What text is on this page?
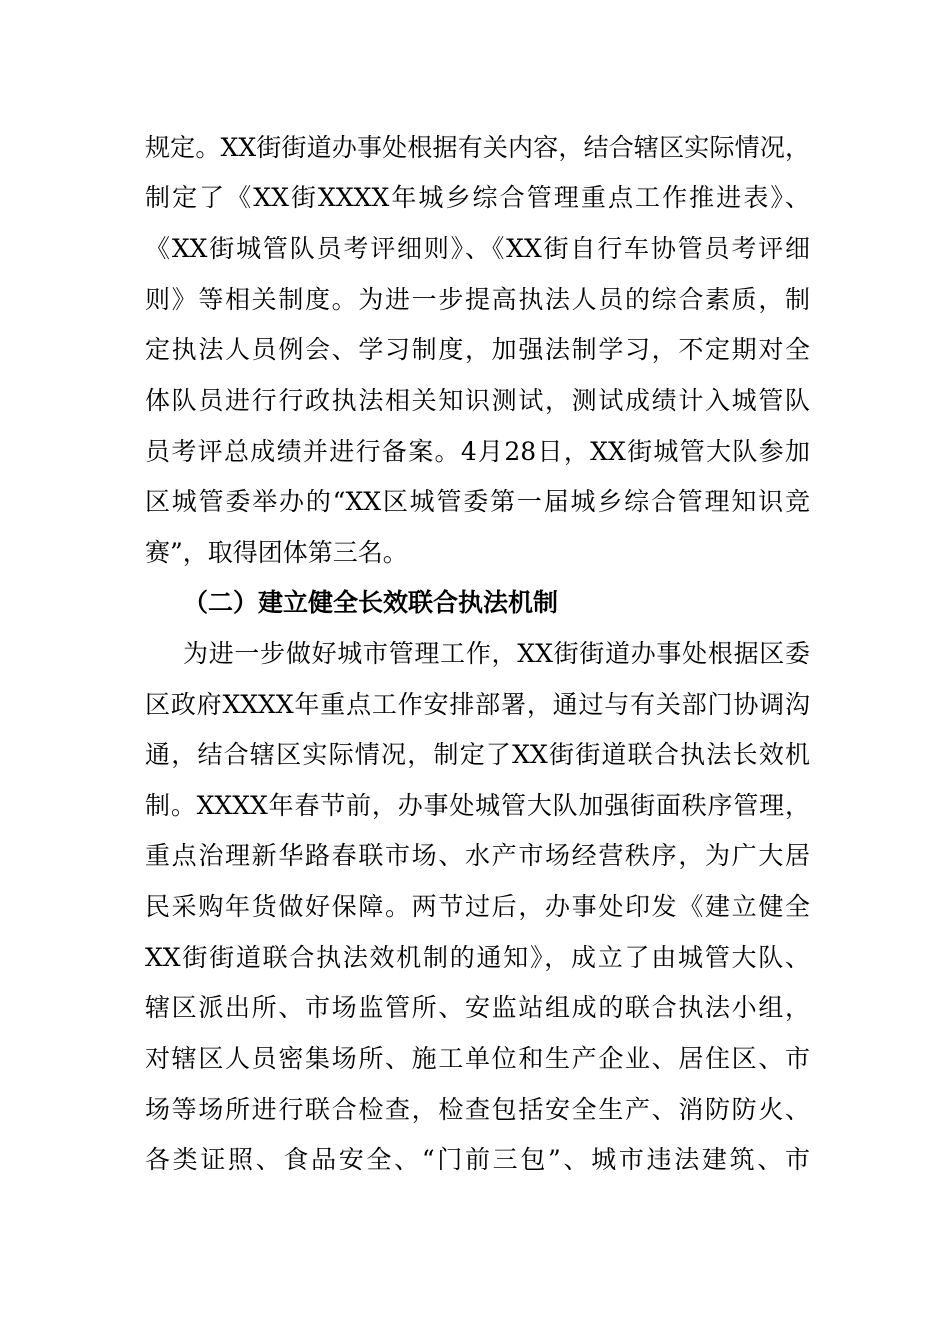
规定。XX街街道办事处根据有关内容，结合辖区实际情况，
制定了《XX街XXXX年城乡综合管理重点工作推进表》、
《XX街城管队员考评细则》、《XX街自行车协管员考评细
则》等相关制度。为进一步提高执法人员的综合素质，制
定执法人员例会、学习制度，加强法制学习，不定期对全
体队员进行行政执法相关知识测试，测试成绩计入城管队
员考评总成绩并进行备案。4月28日，XX街城管大队参加
区城管委举办的“XX区城管委第一届城乡综合管理知识竞
赛”，取得团体第三名。
（二）建立健全长效联合执法机制
为进一步做好城市管理工作，XX街街道办事处根据区委
区政府XXXX年重点工作安排部署，通过与有关部门协调沟
通，结合辖区实际情况，制定了XX街街道联合执法长效机
制。XXXX年春节前，办事处城管大队加强街面秩序管理，
重点治理新华路春联市场、水产市场经营秩序，为广大居
民采购年货做好保障。两节过后，办事处印发《建立健全
XX街街道联合执法效机制的通知》，成立了由城管大队、
辖区派出所、市场监管所、安监站组成的联合执法小组，
对辖区人员密集场所、施工单位和生产企业、居住区、市
场等场所进行联合检查，检查包括安全生产、消防防火、
各类证照、食品安全、“门前三包”、城市违法建筑、市
